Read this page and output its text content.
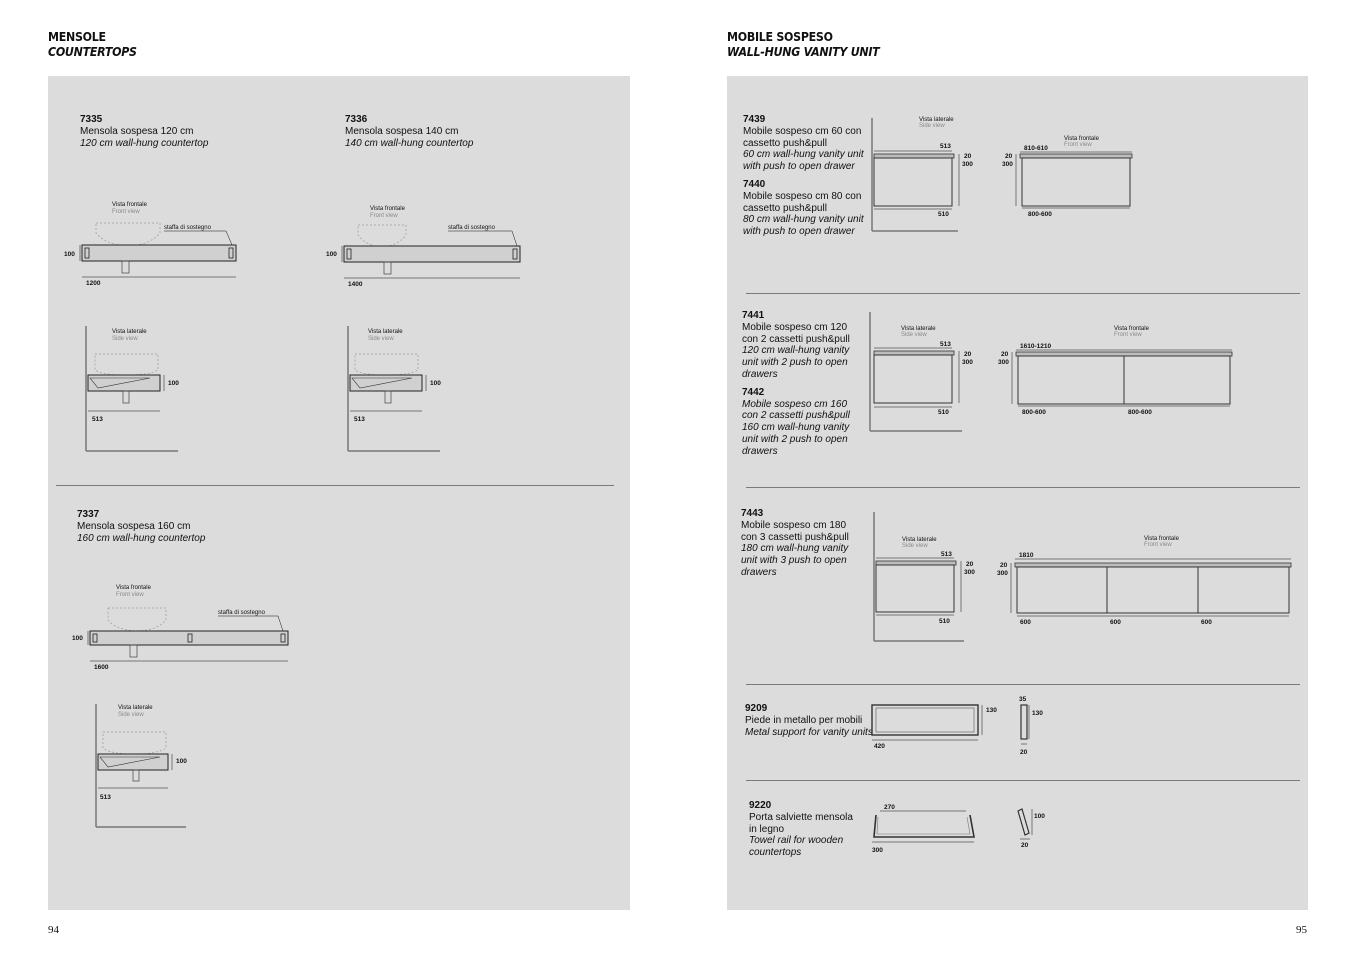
MENSOLE
COUNTERTOPS
7335
Mensola sospesa 120 cm
120 cm wall-hung countertop
7336
Mensola sospesa 140 cm
140 cm wall-hung countertop
Vista frontale
Front view
staffa di sostegno
100
1200
Vista frontale
Front view
staffa di sostegno
100
1400
Vista laterale
Side view
100
513
Vista laterale
Side view
100
513
7337
Mensola sospesa 160 cm
160 cm wall-hung countertop
Vista frontale
Front view
staffa di sostegno
100
1600
Vista laterale
Side view
100
513
94
MOBILE SOSPESO
WALL-HUNG VANITY UNIT
7439
Mobile sospeso cm 60 con
cassetto push&pull
60 cm wall-hung vanity unit
with push to open drawer
7440
Mobile sospeso cm 80 con
cassetto push&pull
80 cm wall-hung vanity unit
with push to open drawer
Vista laterale
Side view
513
20
300
510
Vista frontale
Front view
810-610
20
300
800-600
7441
Mobile sospeso cm 120
con 2 cassetti push&pull
120 cm wall-hung vanity
unit with 2 push to open
drawers
7442
Mobile sospeso cm 160
con 2 cassetti push&pull
160 cm wall-hung vanity
unit with 2 push to open
drawers
Vista laterale
Side view
513
20
300
510
Vista frontale
Front view
1610-1210
20
300
800-600	800-600
7443
Mobile sospeso cm 180
con 3 cassetti push&pull
180 cm wall-hung vanity
unit with 3 push to open
drawers
Vista laterale
Side view
513
20
300
510
Vista frontale
Front view
1810
20
300
600	600	600
9209
Piede in metallo per mobili
Metal support for vanity units
130
420
35
130
20
9220
Porta salviette mensola
in legno
Towel rail for wooden
countertops
270
300
100
20
95
